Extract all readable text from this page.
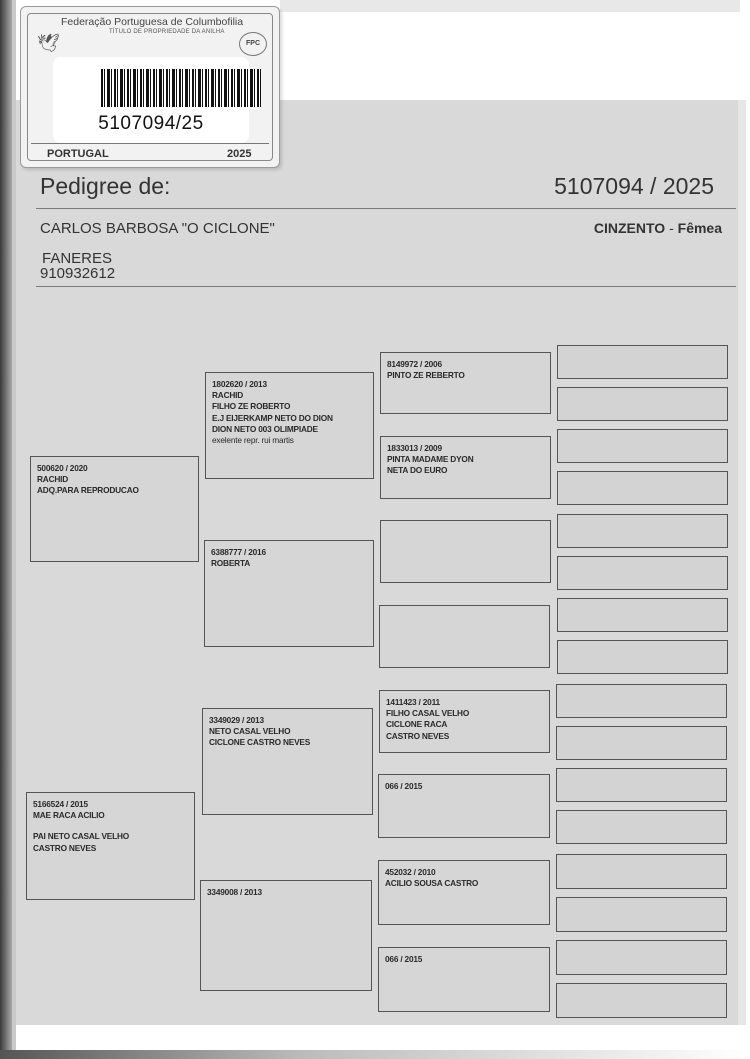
🕊
Federação Portuguesa de Columbofilia
TÍTULO DE PROPRIEDADE DA ANILHA
FPC
5107094/25
PORTUGAL	2025
Pedigree de:	5107094 / 2025
CARLOS BARBOSA "O CICLONE"	CINZENTO - Fêmea
FANERES
910932612
500620 / 2020
RACHID
ADQ.PARA REPRODUCAO
5166524 / 2015
MAE RACA ACILIO
PAI NETO CASAL VELHO
CASTRO NEVES
1802620 / 2013
RACHID
FILHO ZE ROBERTO
E.J EIJERKAMP NETO DO DION
DION NETO 003 OLIMPIADE
exelente repr. rui martis
6388777 / 2016
ROBERTA
3349029 / 2013
NETO CASAL VELHO
CICLONE CASTRO NEVES
3349008 / 2013
8149972 / 2006
PINTO ZE REBERTO
1833013 / 2009
PINTA MADAME DYON
NETA DO EURO
1411423 / 2011
FILHO CASAL VELHO
CICLONE RACA
CASTRO NEVES
066 / 2015
452032 / 2010
ACILIO SOUSA CASTRO
066 / 2015
